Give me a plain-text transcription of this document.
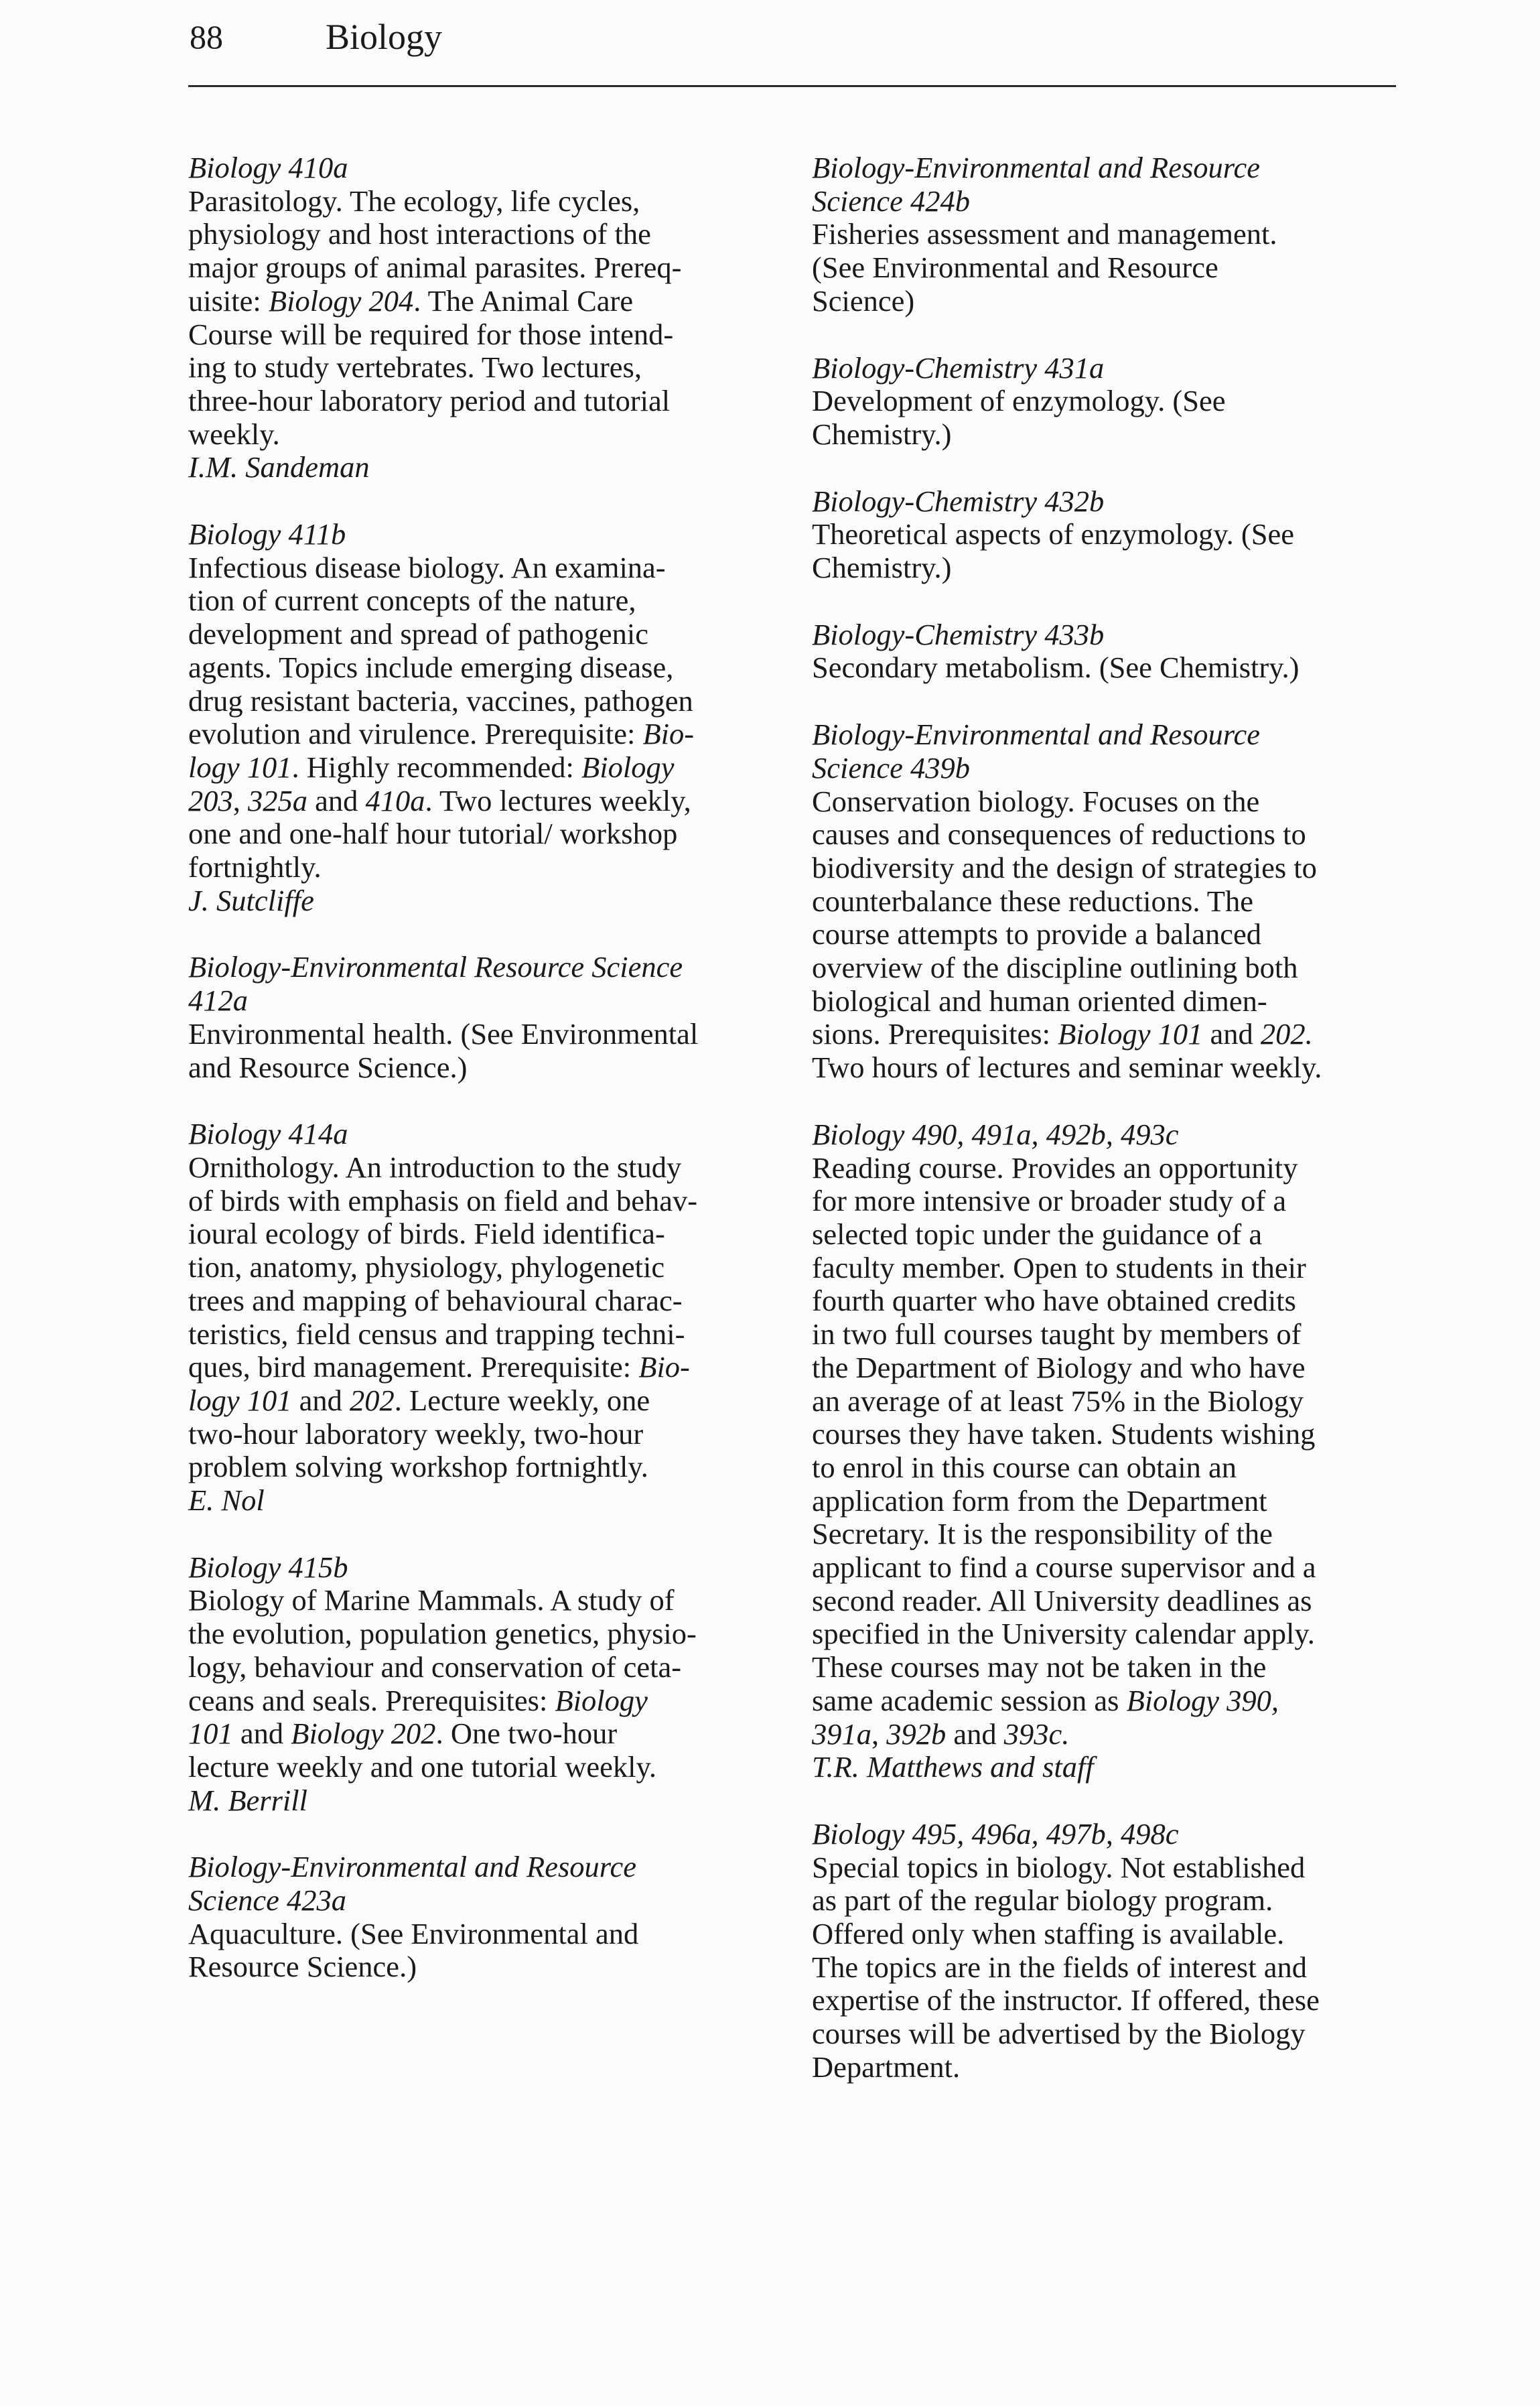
88	Biology

Biology 410a

Parasitology. The ecology, life cycles,

physiology and host interactions of the

major groups of animal parasites. Prereq-

uisite: Biology 204. The Animal Care

Course will be required for those intend-

ing to study vertebrates. Two lectures,

three-hour laboratory period and tutorial

weekly.

I.M. Sandeman

Biology 411b

Infectious disease biology. An examina-

tion of current concepts of the nature,

development and spread of pathogenic

agents. Topics include emerging disease,

drug resistant bacteria, vaccines, pathogen

evolution and virulence. Prerequisite: Bio-

logy 101. Highly recommended: Biology

203, 325a and 410a. Two lectures weekly,

one and one-half hour tutorial/ workshop

fortnightly.

J. Sutcliffe

Biology-Environmental Resource Science

412a

Environmental health. (See Environmental

and Resource Science.)

Biology 414a

Ornithology. An introduction to the study

of birds with emphasis on field and behav-

ioural ecology of birds. Field identifica-

tion, anatomy, physiology, phylogenetic

trees and mapping of behavioural charac-

teristics, field census and trapping techni-

ques, bird management. Prerequisite: Bio-

logy 101 and 202. Lecture weekly, one

two-hour laboratory weekly, two-hour

problem solving workshop fortnightly.

E. Nol

Biology 415b

Biology of Marine Mammals. A study of

the evolution, population genetics, physio-

logy, behaviour and conservation of ceta-

ceans and seals. Prerequisites: Biology

101 and Biology 202. One two-hour

lecture weekly and one tutorial weekly.

M. Berrill

Biology-Environmental and Resource

Science 423a

Aquaculture. (See Environmental and

Resource Science.)

Biology-Environmental and Resource

Science 424b

Fisheries assessment and management.

(See Environmental and Resource

Science)

Biology-Chemistry 431a

Development of enzymology. (See

Chemistry.)

Biology-Chemistry 432b

Theoretical aspects of enzymology. (See

Chemistry.)

Biology-Chemistry 433b

Secondary metabolism. (See Chemistry.)

Biology-Environmental and Resource

Science 439b

Conservation biology. Focuses on the

causes and consequences of reductions to

biodiversity and the design of strategies to

counterbalance these reductions. The

course attempts to provide a balanced

overview of the discipline outlining both

biological and human oriented dimen-

sions. Prerequisites: Biology 101 and 202.

Two hours of lectures and seminar weekly.

Biology 490, 491a, 492b, 493c

Reading course. Provides an opportunity

for more intensive or broader study of a

selected topic under the guidance of a

faculty member. Open to students in their

fourth quarter who have obtained credits

in two full courses taught by members of

the Department of Biology and who have

an average of at least 75% in the Biology

courses they have taken. Students wishing

to enrol in this course can obtain an

application form from the Department

Secretary. It is the responsibility of the

applicant to find a course supervisor and a

second reader. All University deadlines as

specified in the University calendar apply.

These courses may not be taken in the

same academic session as Biology 390,

391a, 392b and 393c.

T.R. Matthews and staff

Biology 495, 496a, 497b, 498c

Special topics in biology. Not established

as part of the regular biology program.

Offered only when staffing is available.

The topics are in the fields of interest and

expertise of the instructor. If offered, these

courses will be advertised by the Biology

Department.
